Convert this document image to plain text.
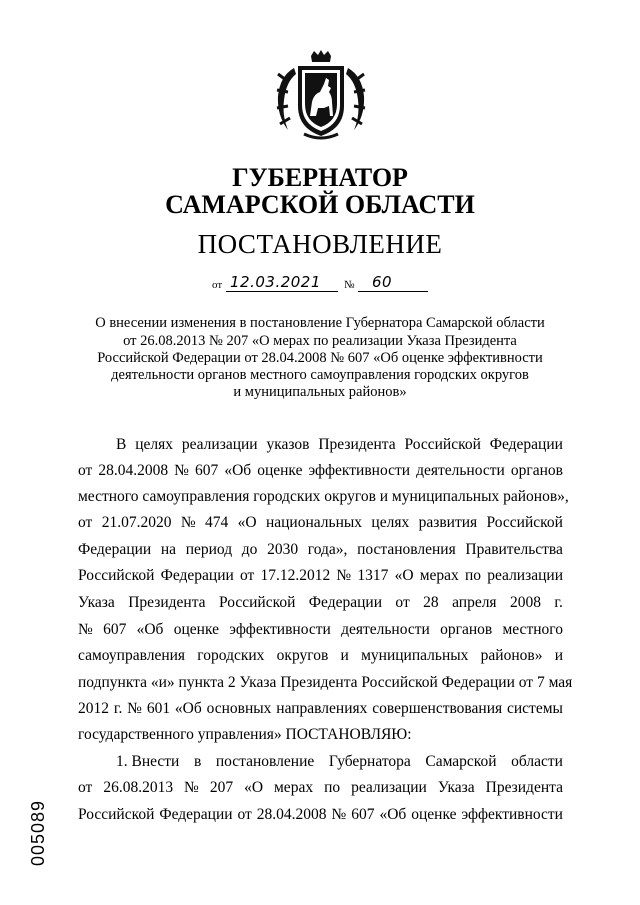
ГУБЕРНАТОР
САМАРСКОЙ ОБЛАСТИ
ПОСТАНОВЛЕНИЕ
от 12.03.2021 № 60
О внесении изменения в постановление Губернатора Самарской области
от 26.08.2013 № 207 «О мерах по реализации Указа Президента
Российской Федерации от 28.04.2008 № 607 «Об оценке эффективности
деятельности органов местного самоуправления городских округов
и муниципальных районов»
В целях реализации указов Президента Российской Федерации
от 28.04.2008 № 607 «Об оценке эффективности деятельности органов
местного самоуправления городских округов и муниципальных районов»,
от 21.07.2020 № 474 «О национальных целях развития Российской
Федерации на период до 2030 года», постановления Правительства
Российской Федерации от 17.12.2012 № 1317 «О мерах по реализации
Указа Президента Российской Федерации от 28 апреля 2008 г.
№ 607 «Об оценке эффективности деятельности органов местного
самоуправления городских округов и муниципальных районов» и
подпункта «и» пункта 2 Указа Президента Российской Федерации от 7 мая
2012 г. № 601 «Об основных направлениях совершенствования системы
государственного управления» ПОСТАНОВЛЯЮ:
1. Внести в постановление Губернатора Самарской области
от 26.08.2013 № 207 «О мерах по реализации Указа Президента
Российской Федерации от 28.04.2008 № 607 «Об оценке эффективности
005089
